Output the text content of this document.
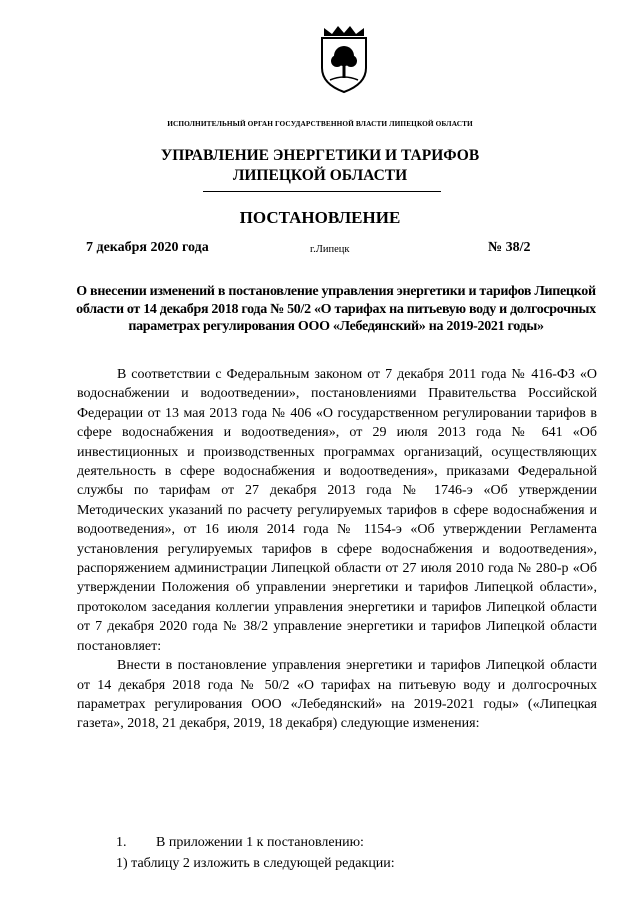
ИСПОЛНИТЕЛЬНЫЙ ОРГАН ГОСУДАРСТВЕННОЙ ВЛАСТИ ЛИПЕЦКОЙ ОБЛАСТИ
УПРАВЛЕНИЕ ЭНЕРГЕТИКИ И ТАРИФОВ
ЛИПЕЦКОЙ ОБЛАСТИ
ПОСТАНОВЛЕНИЕ
7 декабря 2020 года	г.Липецк	№ 38/2
О внесении изменений в постановление управления энергетики и тарифов Липецкой области от 14 декабря 2018 года № 50/2 «О тарифах на питьевую воду и долгосрочных параметрах регулирования ООО «Лебедянский» на 2019-2021 годы»

В соответствии с Федеральным законом от 7 декабря 2011 года № 416-ФЗ «О водоснабжении и водоотведении», постановлениями Правительства Российской Федерации от 13 мая 2013 года № 406 «О государственном регулировании тарифов в сфере водоснабжения и водоотведения», от 29 июля 2013 года № 641 «Об инвестиционных и производственных программах организаций, осуществляющих деятельность в сфере водоснабжения и водоотведения», приказами Федеральной службы по тарифам от 27 декабря 2013 года № 1746-э «Об утверждении Методических указаний по расчету регулируемых тарифов в сфере водоснабжения и водоотведения», от 16 июля 2014 года № 1154-э «Об утверждении Регламента установления регулируемых тарифов в сфере водоснабжения и водоотведения», распоряжением администрации Липецкой области от 27 июля 2010 года № 280-р «Об утверждении Положения об управлении энергетики и тарифов Липецкой области», протоколом заседания коллегии управления энергетики и тарифов Липецкой области от 7 декабря 2020 года № 38/2 управление энергетики и тарифов Липецкой области постановляет:

Внести в постановление управления энергетики и тарифов Липецкой области от 14 декабря 2018 года № 50/2 «О тарифах на питьевую воду и долгосрочных параметрах регулирования ООО «Лебедянский» на 2019-2021 годы» («Липецкая газета», 2018, 21 декабря, 2019, 18 декабря) следующие изменения:

1. В приложении 1 к постановлению:
1) таблицу 2 изложить в следующей редакции:
